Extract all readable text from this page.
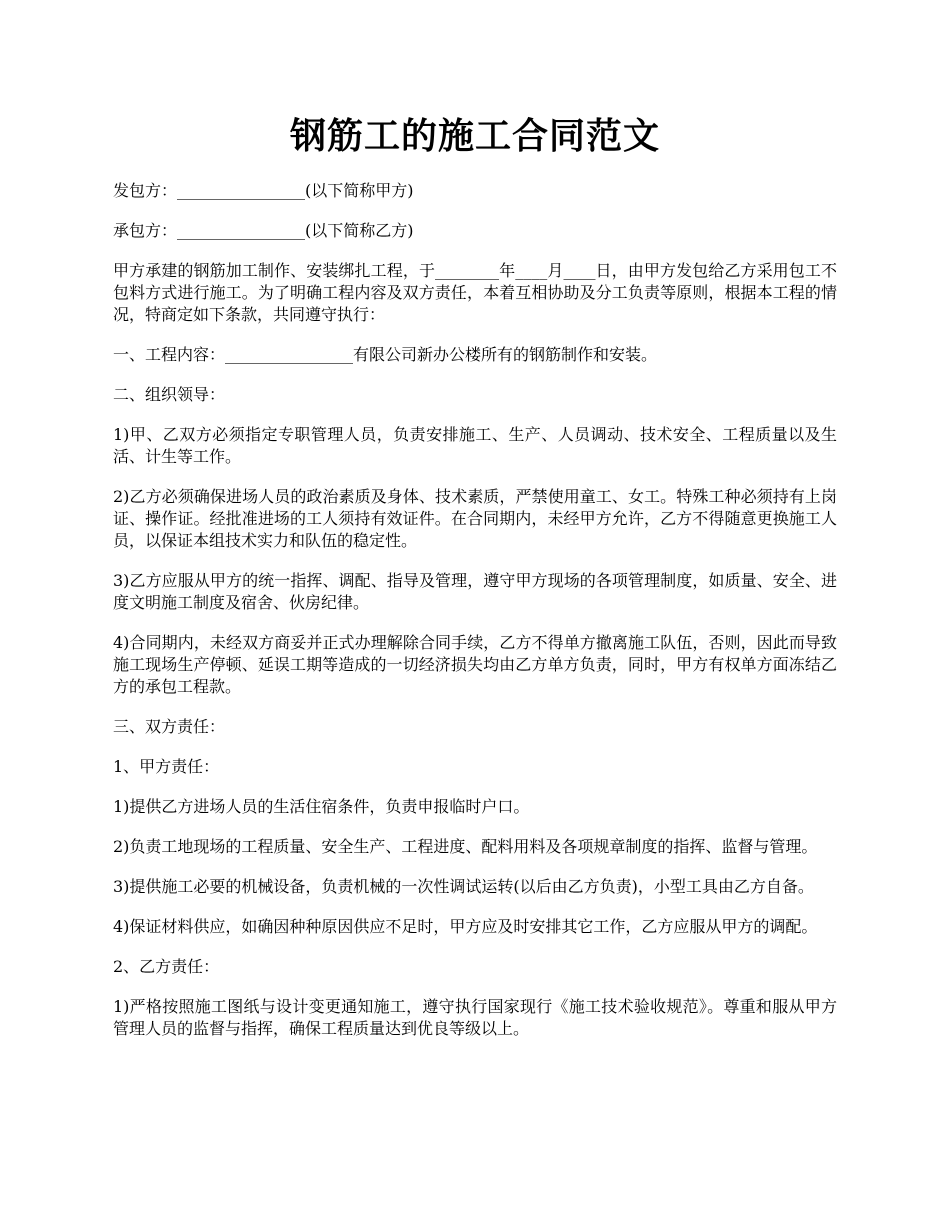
钢筋工的施工合同范文

发包方：________________(以下简称甲方)

承包方：________________(以下简称乙方)

甲方承建的钢筋加工制作、安装绑扎工程，于________年____月____日，由甲方发包给乙方采用包工不包料方式进行施工。为了明确工程内容及双方责任，本着互相协助及分工负责等原则，根据本工程的情况，特商定如下条款，共同遵守执行：

一、工程内容：________________有限公司新办公楼所有的钢筋制作和安装。

二、组织领导：

1)甲、乙双方必须指定专职管理人员，负责安排施工、生产、人员调动、技术安全、工程质量以及生活、计生等工作。

2)乙方必须确保进场人员的政治素质及身体、技术素质，严禁使用童工、女工。特殊工种必须持有上岗证、操作证。经批准进场的工人须持有效证件。在合同期内，未经甲方允许，乙方不得随意更换施工人员，以保证本组技术实力和队伍的稳定性。

3)乙方应服从甲方的统一指挥、调配、指导及管理，遵守甲方现场的各项管理制度，如质量、安全、进度文明施工制度及宿舍、伙房纪律。

4)合同期内，未经双方商妥并正式办理解除合同手续，乙方不得单方撤离施工队伍，否则，因此而导致施工现场生产停顿、延误工期等造成的一切经济损失均由乙方单方负责，同时，甲方有权单方面冻结乙方的承包工程款。

三、双方责任：

1、甲方责任：

1)提供乙方进场人员的生活住宿条件，负责申报临时户口。

2)负责工地现场的工程质量、安全生产、工程进度、配料用料及各项规章制度的指挥、监督与管理。

3)提供施工必要的机械设备，负责机械的一次性调试运转(以后由乙方负责)，小型工具由乙方自备。

4)保证材料供应，如确因种种原因供应不足时，甲方应及时安排其它工作，乙方应服从甲方的调配。

2、乙方责任：

1)严格按照施工图纸与设计变更通知施工，遵守执行国家现行《施工技术验收规范》。尊重和服从甲方管理人员的监督与指挥，确保工程质量达到优良等级以上。
